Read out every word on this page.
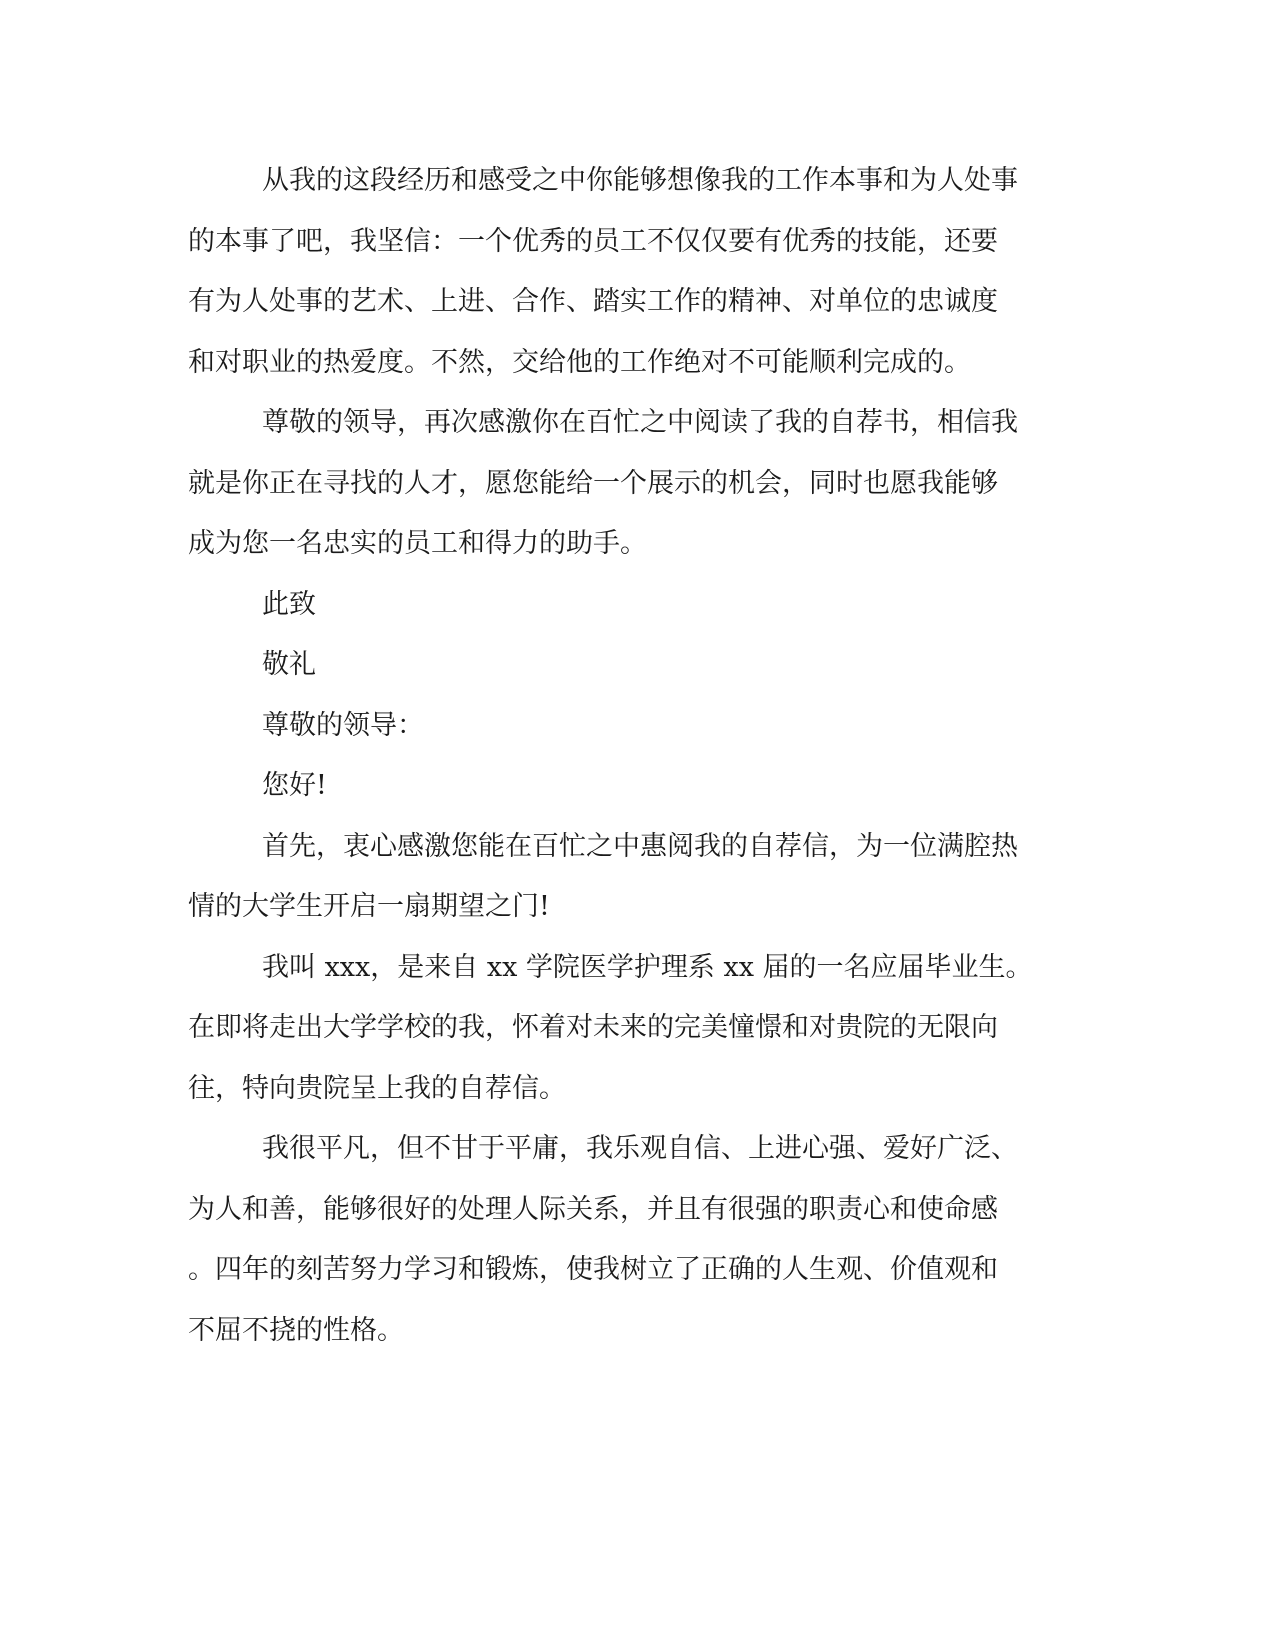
从我的这段经历和感受之中你能够想像我的工作本事和为人处事
的本事了吧，我坚信：一个优秀的员工不仅仅要有优秀的技能，还要
有为人处事的艺术、上进、合作、踏实工作的精神、对单位的忠诚度
和对职业的热爱度。不然，交给他的工作绝对不可能顺利完成的。
尊敬的领导，再次感激你在百忙之中阅读了我的自荐书，相信我
就是你正在寻找的人才，愿您能给一个展示的机会，同时也愿我能够
成为您一名忠实的员工和得力的助手。
此致
敬礼
尊敬的领导：
您好!
首先，衷心感激您能在百忙之中惠阅我的自荐信，为一位满腔热
情的大学生开启一扇期望之门!
我叫 xxx，是来自 xx 学院医学护理系 xx 届的一名应届毕业生。
在即将走出大学学校的我，怀着对未来的完美憧憬和对贵院的无限向
往，特向贵院呈上我的自荐信。
我很平凡，但不甘于平庸，我乐观自信、上进心强、爱好广泛、
为人和善，能够很好的处理人际关系，并且有很强的职责心和使命感
。四年的刻苦努力学习和锻炼，使我树立了正确的人生观、价值观和
不屈不挠的性格。
